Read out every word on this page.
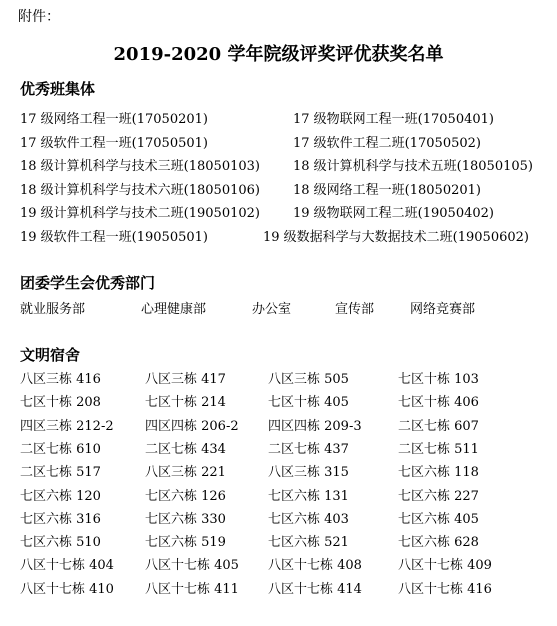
附件：
2019-2020 学年院级评奖评优获奖名单
优秀班集体
17 级网络工程一班(17050201)	17 级物联网工程一班(17050401)
17 级软件工程一班(17050501)	17 级软件工程二班(17050502)
18 级计算机科学与技术三班(18050103)	18 级计算机科学与技术五班(18050105)
18 级计算机科学与技术六班(18050106)	18 级网络工程一班(18050201)
19 级计算机科学与技术二班(19050102)	19 级物联网工程二班(19050402)
19 级软件工程一班(19050501)	19 级数据科学与大数据技术二班(19050602)
团委学生会优秀部门
就业服务部	心理健康部	办公室	宣传部	网络竞赛部
文明宿舍
八区三栋 416	八区三栋 417	八区三栋 505	七区十栋 103
七区十栋 208	七区十栋 214	七区十栋 405	七区十栋 406
四区三栋 212-2 四区四栋 206-2 四区四栋 209-3	二区七栋 607
二区七栋 610	二区七栋 434	二区七栋 437	二区七栋 511
二区七栋 517	八区三栋 221	八区三栋 315	七区六栋 118
七区六栋 120	七区六栋 126	七区六栋 131	七区六栋 227
七区六栋 316	七区六栋 330	七区六栋 403	七区六栋 405
七区六栋 510	七区六栋 519	七区六栋 521	七区六栋 628
八区十七栋 404 八区十七栋 405 八区十七栋 408	八区十七栋 409
八区十七栋 410 八区十七栋 411 八区十七栋 414	八区十七栋 416
